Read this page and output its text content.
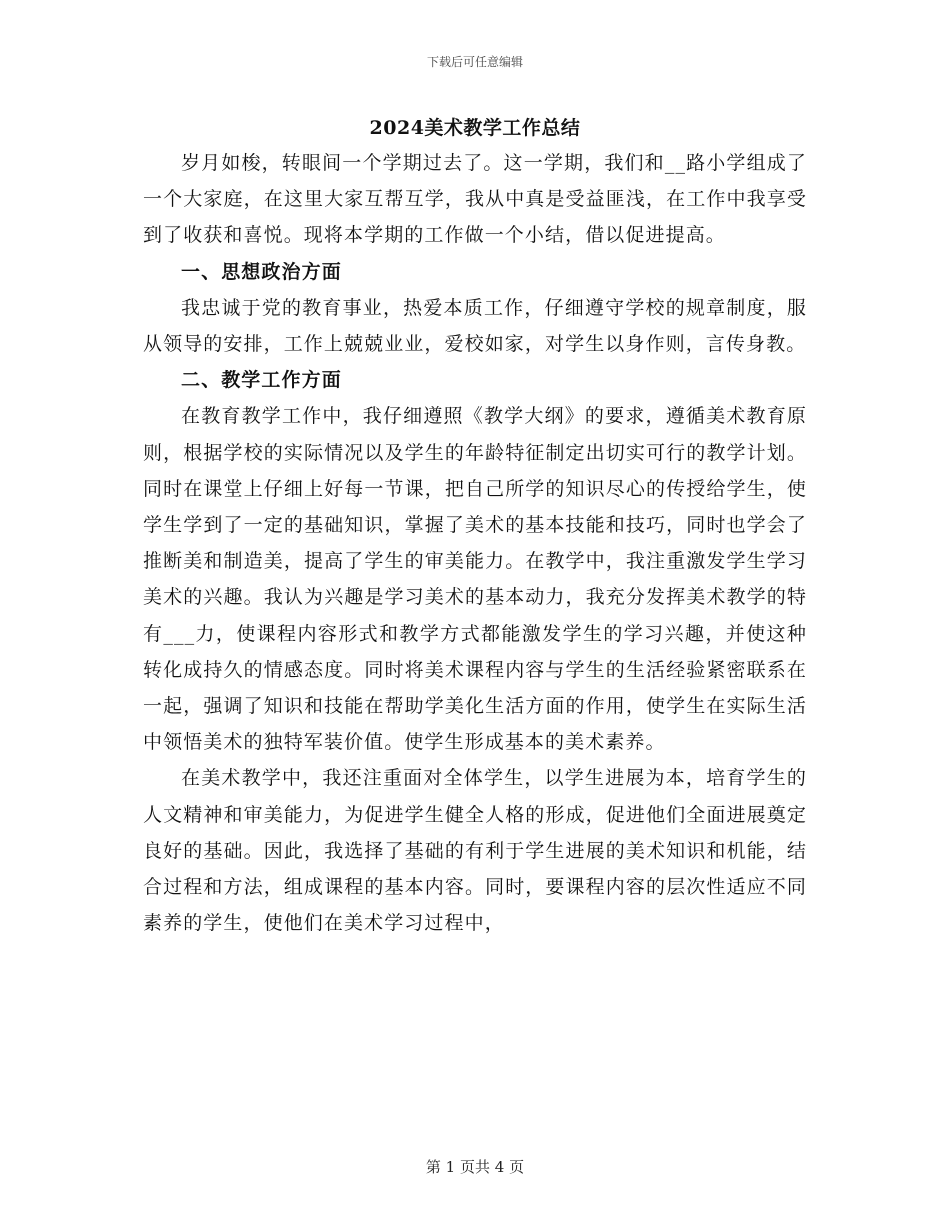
下载后可任意编辑
2024美术教学工作总结

岁月如梭，转眼间一个学期过去了。这一学期，我们和__路小学组成了一个大家庭，在这里大家互帮互学，我从中真是受益匪浅，在工作中我享受到了收获和喜悦。现将本学期的工作做一个小结，借以促进提高。

一、思想政治方面

我忠诚于党的教育事业，热爱本质工作，仔细遵守学校的规章制度，服从领导的安排，工作上兢兢业业，爱校如家，对学生以身作则，言传身教。

二、教学工作方面

在教育教学工作中，我仔细遵照《教学大纲》的要求，遵循美术教育原则，根据学校的实际情况以及学生的年龄特征制定出切实可行的教学计划。同时在课堂上仔细上好每一节课，把自己所学的知识尽心的传授给学生，使学生学到了一定的基础知识，掌握了美术的基本技能和技巧，同时也学会了推断美和制造美，提高了学生的审美能力。在教学中，我注重激发学生学习美术的兴趣。我认为兴趣是学习美术的基本动力，我充分发挥美术教学的特有___力，使课程内容形式和教学方式都能激发学生的学习兴趣，并使这种转化成持久的情感态度。同时将美术课程内容与学生的生活经验紧密联系在一起，强调了知识和技能在帮助学美化生活方面的作用，使学生在实际生活中领悟美术的独特军装价值。使学生形成基本的美术素养。

在美术教学中，我还注重面对全体学生，以学生进展为本，培育学生的人文精神和审美能力，为促进学生健全人格的形成，促进他们全面进展奠定良好的基础。因此，我选择了基础的有利于学生进展的美术知识和机能，结合过程和方法，组成课程的基本内容。同时，要课程内容的层次性适应不同素养的学生，使他们在美术学习过程中，

第 1 页共 4 页
